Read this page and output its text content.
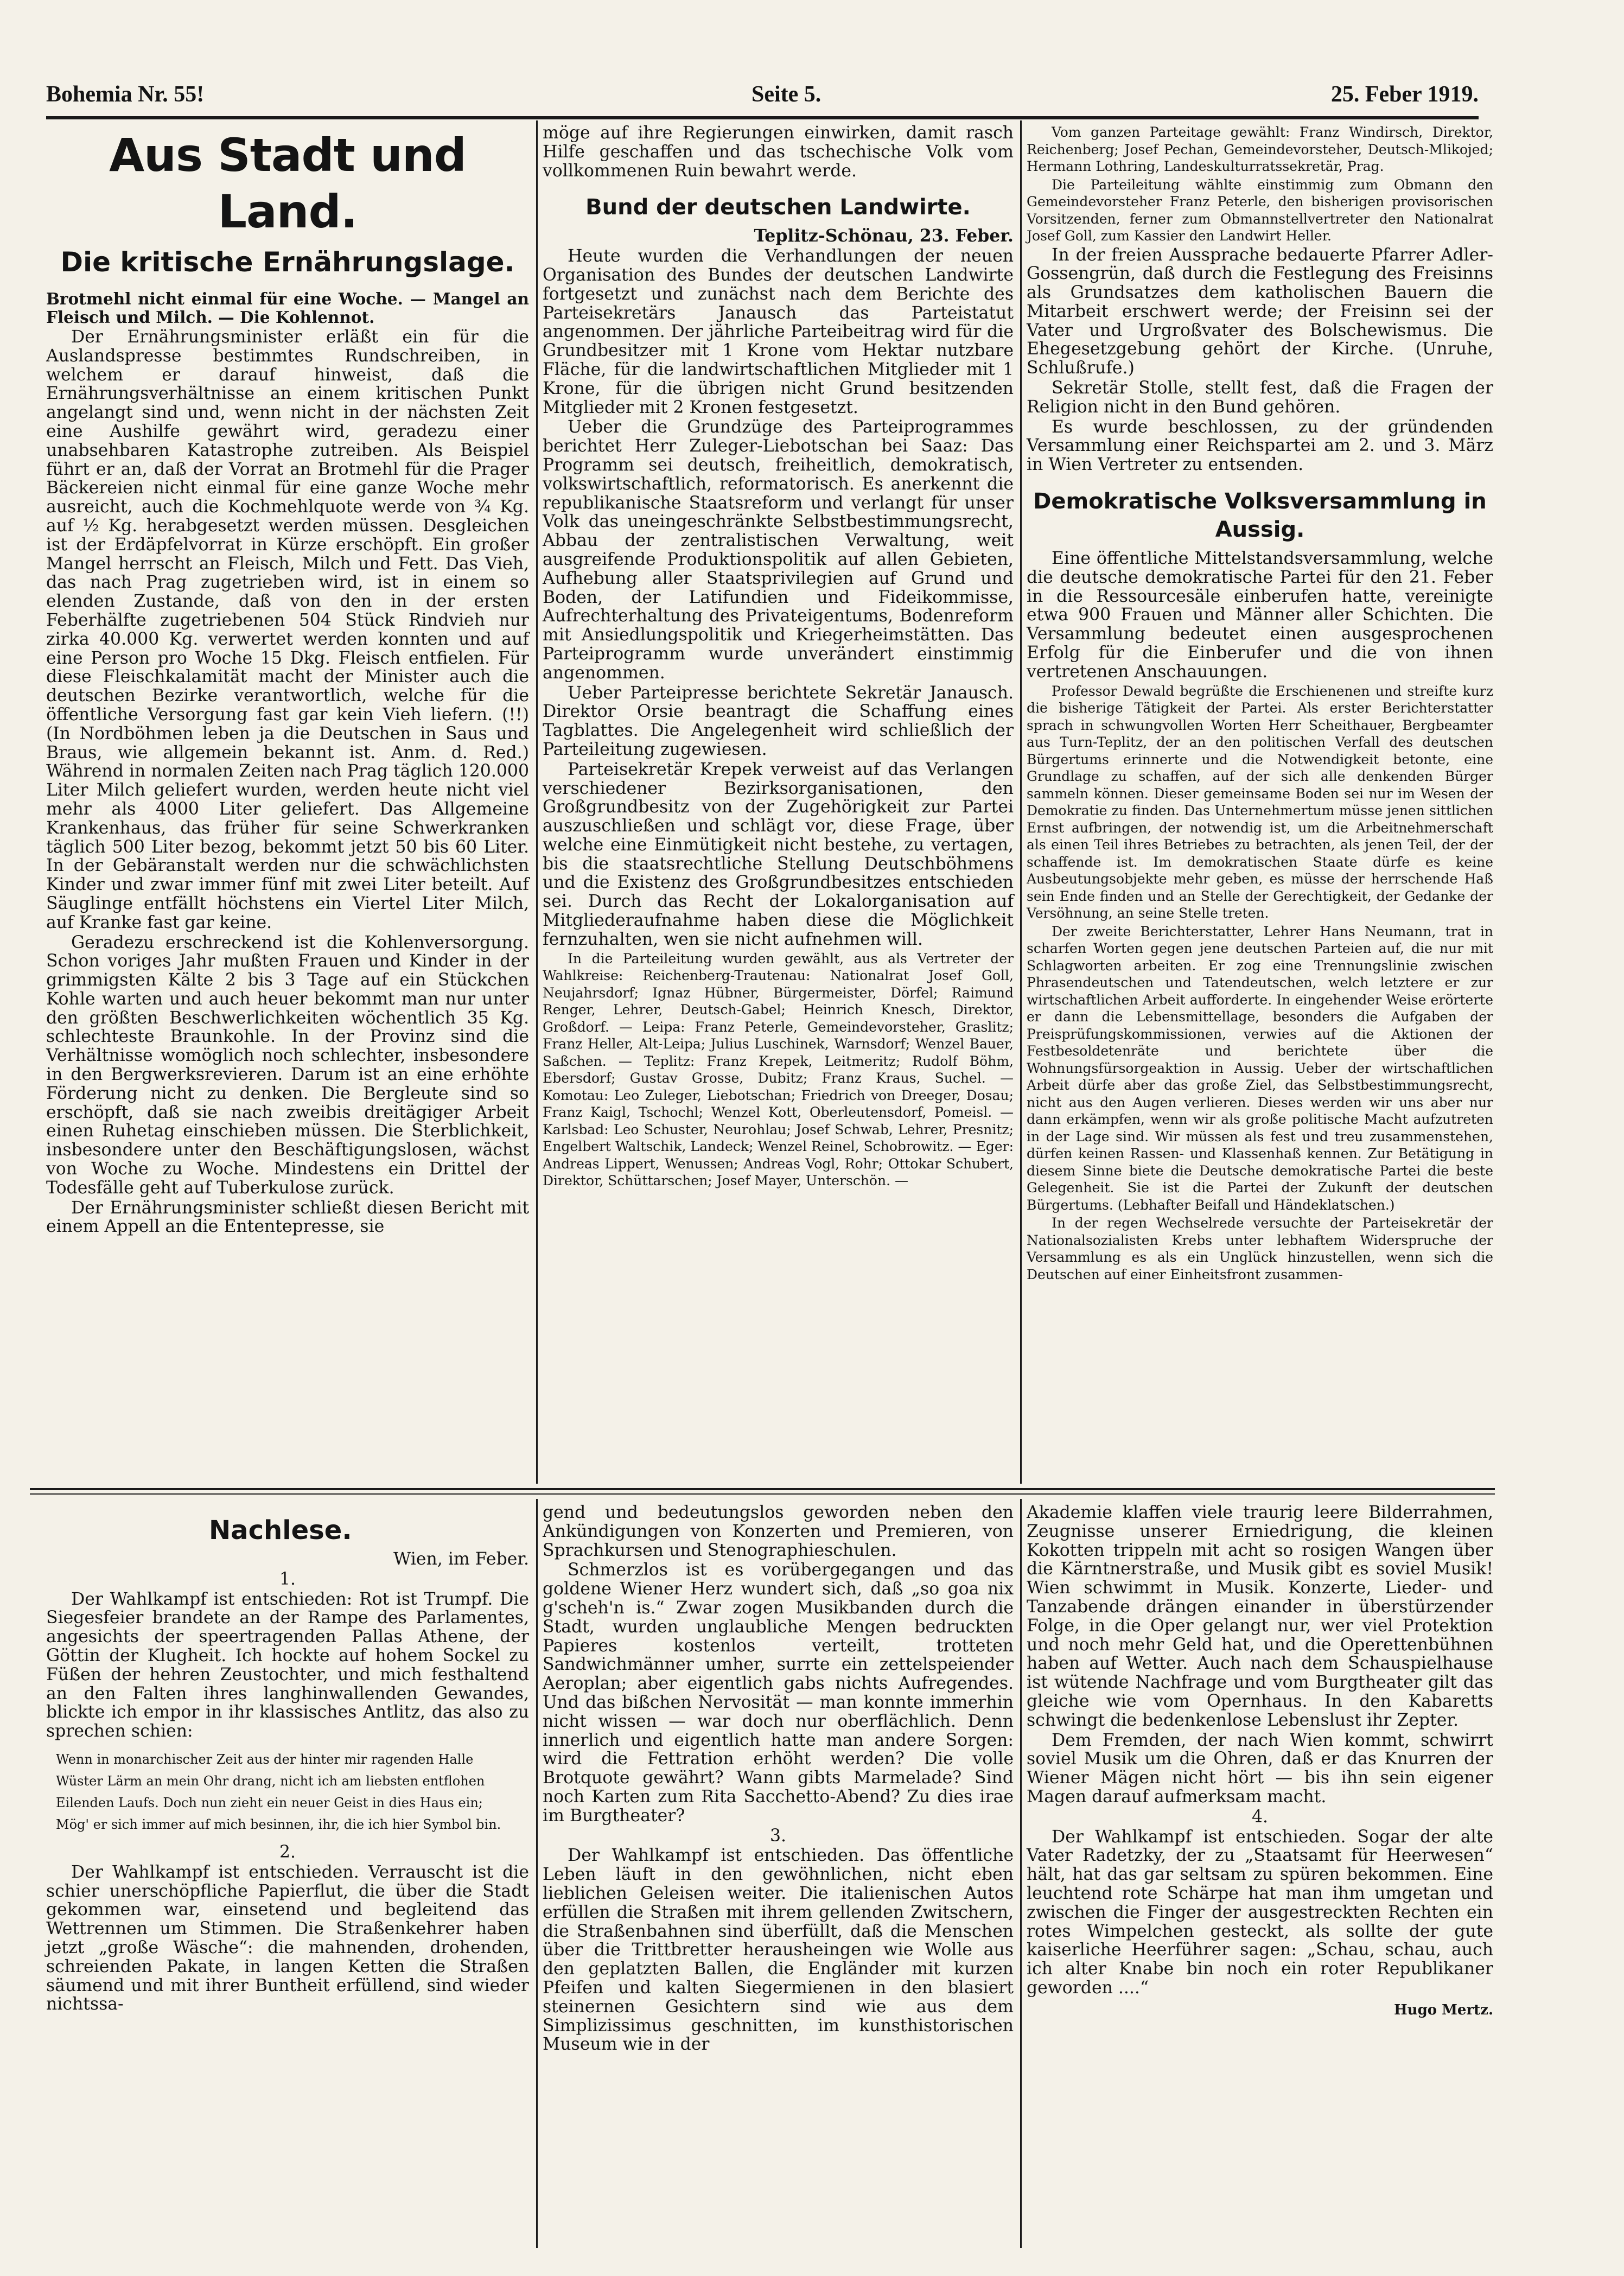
Bohemia Nr. 55!	Seite 5.	25. Feber 1919.
Aus Stadt und Land.
Die kritische Ernährungslage.

Brotmehl nicht einmal für eine Woche. — Mangel an Fleisch und Milch. — Die Kohlennot.

Der Ernährungsminister erläßt ein für die Auslandspresse bestimmtes Rundschreiben, in welchem er darauf hinweist, daß die Ernährungsverhältnisse an einem kritischen Punkt angelangt sind und, wenn nicht in der nächsten Zeit eine Aushilfe gewährt wird, geradezu einer unabsehbaren Katastrophe zutreiben. Als Beispiel führt er an, daß der Vorrat an Brotmehl für die Prager Bäckereien nicht einmal für eine ganze Woche mehr ausreicht, auch die Kochmehlquote werde von ¾ Kg. auf ½ Kg. herabgesetzt werden müssen. Desgleichen ist der Erdäpfelvorrat in Kürze erschöpft. Ein großer Mangel herrscht an Fleisch, Milch und Fett. Das Vieh, das nach Prag zugetrieben wird, ist in einem so elenden Zustande, daß von den in der ersten Feberhälfte zugetriebenen 504 Stück Rindvieh nur zirka 40.000 Kg. verwertet werden konnten und auf eine Person pro Woche 15 Dkg. Fleisch entfielen. Für diese Fleischkalamität macht der Minister auch die deutschen Bezirke verantwortlich, welche für die öffentliche Versorgung fast gar kein Vieh liefern. (!!) (In Nordböhmen leben ja die Deutschen in Saus und Braus, wie allgemein bekannt ist. Anm. d. Red.) Während in normalen Zeiten nach Prag täglich 120.000 Liter Milch geliefert wurden, werden heute nicht viel mehr als 4000 Liter geliefert. Das Allgemeine Krankenhaus, das früher für seine Schwerkranken täglich 500 Liter bezog, bekommt jetzt 50 bis 60 Liter. In der Gebäranstalt werden nur die schwächlichsten Kinder und zwar immer fünf mit zwei Liter beteilt. Auf Säuglinge entfällt höchstens ein Viertel Liter Milch, auf Kranke fast gar keine.

Geradezu erschreckend ist die Kohlenversorgung. Schon voriges Jahr mußten Frauen und Kinder in der grimmigsten Kälte 2 bis 3 Tage auf ein Stückchen Kohle warten und auch heuer bekommt man nur unter den größten Beschwerlichkeiten wöchentlich 35 Kg. schlechteste Braunkohle. In der Provinz sind die Verhältnisse womöglich noch schlechter, insbesondere in den Bergwerksrevieren. Darum ist an eine erhöhte Förderung nicht zu denken. Die Bergleute sind so erschöpft, daß sie nach zweibis dreitägiger Arbeit einen Ruhetag einschieben müssen. Die Sterblichkeit, insbesondere unter den Beschäftigungslosen, wächst von Woche zu Woche. Mindestens ein Drittel der Todesfälle geht auf Tuberkulose zurück.

Der Ernährungsminister schließt diesen Bericht mit einem Appell an die Ententepresse, sie

möge auf ihre Regierungen einwirken, damit rasch Hilfe geschaffen und das tschechische Volk vom vollkommenen Ruin bewahrt werde.

Bund der deutschen Landwirte.

Teplitz-Schönau, 23. Feber.

Heute wurden die Verhandlungen der neuen Organisation des Bundes der deutschen Landwirte fortgesetzt und zunächst nach dem Berichte des Parteisekretärs Janausch das Parteistatut angenommen. Der jährliche Parteibeitrag wird für die Grundbesitzer mit 1 Krone vom Hektar nutzbare Fläche, für die landwirtschaftlichen Mitglieder mit 1 Krone, für die übrigen nicht Grund besitzenden Mitglieder mit 2 Kronen festgesetzt.

Ueber die Grundzüge des Parteiprogrammes berichtet Herr Zuleger-Liebotschan bei Saaz: Das Programm sei deutsch, freiheitlich, demokratisch, volkswirtschaftlich, reformatorisch. Es anerkennt die republikanische Staatsreform und verlangt für unser Volk das uneingeschränkte Selbstbestimmungsrecht, Abbau der zentralistischen Verwaltung, weit ausgreifende Produktionspolitik auf allen Gebieten, Aufhebung aller Staatsprivilegien auf Grund und Boden, der Latifundien und Fideikommisse, Aufrechterhaltung des Privateigentums, Bodenreform mit Ansiedlungspolitik und Kriegerheimstätten. Das Parteiprogramm wurde unverändert einstimmig angenommen.

Ueber Parteipresse berichtete Sekretär Janausch. Direktor Orsie beantragt die Schaffung eines Tagblattes. Die Angelegenheit wird schließlich der Parteileitung zugewiesen.

Parteisekretär Krepek verweist auf das Verlangen verschiedener Bezirksorganisationen, den Großgrundbesitz von der Zugehörigkeit zur Partei auszuschließen und schlägt vor, diese Frage, über welche eine Einmütigkeit nicht bestehe, zu vertagen, bis die staatsrechtliche Stellung Deutschböhmens und die Existenz des Großgrundbesitzes entschieden sei. Durch das Recht der Lokalorganisation auf Mitgliederaufnahme haben diese die Möglichkeit fernzuhalten, wen sie nicht aufnehmen will.

In die Parteileitung wurden gewählt, aus als Vertreter der Wahlkreise: Reichenberg-Trautenau: Nationalrat Josef Goll, Neujahrsdorf; Ignaz Hübner, Bürgermeister, Dörfel; Raimund Renger, Lehrer, Deutsch-Gabel; Heinrich Knesch, Direktor, Großdorf. — Leipa: Franz Peterle, Gemeindevorsteher, Graslitz; Franz Heller, Alt-Leipa; Julius Luschinek, Warnsdorf; Wenzel Bauer, Saßchen. — Teplitz: Franz Krepek, Leitmeritz; Rudolf Böhm, Ebersdorf; Gustav Grosse, Dubitz; Franz Kraus, Suchel. — Komotau: Leo Zuleger, Liebotschan; Friedrich von Dreeger, Dosau; Franz Kaigl, Tschochl; Wenzel Kott, Oberleutensdorf, Pomeisl. — Karlsbad: Leo Schuster, Neurohlau; Josef Schwab, Lehrer, Presnitz; Engelbert Waltschik, Landeck; Wenzel Reinel, Schobrowitz. — Eger: Andreas Lippert, Wenussen; Andreas Vogl, Rohr; Ottokar Schubert, Direktor, Schüttarschen; Josef Mayer, Unterschön. —

Vom ganzen Parteitage gewählt: Franz Windirsch, Direktor, Reichenberg; Josef Pechan, Gemeindevorsteher, Deutsch-Mlikojed; Hermann Lothring, Landeskulturratssekretär, Prag.

Die Parteileitung wählte einstimmig zum Obmann den Gemeindevorsteher Franz Peterle, den bisherigen provisorischen Vorsitzenden, ferner zum Obmannstellvertreter den Nationalrat Josef Goll, zum Kassier den Landwirt Heller.

In der freien Aussprache bedauerte Pfarrer Adler-Gossengrün, daß durch die Festlegung des Freisinns als Grundsatzes dem katholischen Bauern die Mitarbeit erschwert werde; der Freisinn sei der Vater und Urgroßvater des Bolschewismus. Die Ehegesetzgebung gehört der Kirche. (Unruhe, Schlußrufe.)

Sekretär Stolle, stellt fest, daß die Fragen der Religion nicht in den Bund gehören.

Es wurde beschlossen, zu der gründenden Versammlung einer Reichspartei am 2. und 3. März in Wien Vertreter zu entsenden.

Demokratische Volksversammlung in Aussig.

Eine öffentliche Mittelstandsversammlung, welche die deutsche demokratische Partei für den 21. Feber in die Ressourcesäle einberufen hatte, vereinigte etwa 900 Frauen und Männer aller Schichten. Die Versammlung bedeutet einen ausgesprochenen Erfolg für die Einberufer und die von ihnen vertretenen Anschauungen.

Professor Dewald begrüßte die Erschienenen und streifte kurz die bisherige Tätigkeit der Partei. Als erster Berichterstatter sprach in schwungvollen Worten Herr Scheithauer, Bergbeamter aus Turn-Teplitz, der an den politischen Verfall des deutschen Bürgertums erinnerte und die Notwendigkeit betonte, eine Grundlage zu schaffen, auf der sich alle denkenden Bürger sammeln können. Dieser gemeinsame Boden sei nur im Wesen der Demokratie zu finden. Das Unternehmertum müsse jenen sittlichen Ernst aufbringen, der notwendig ist, um die Arbeitnehmerschaft als einen Teil ihres Betriebes zu betrachten, als jenen Teil, der der schaffende ist. Im demokratischen Staate dürfe es keine Ausbeutungsobjekte mehr geben, es müsse der herrschende Haß sein Ende finden und an Stelle der Gerechtigkeit, der Gedanke der Versöhnung, an seine Stelle treten.

Der zweite Berichterstatter, Lehrer Hans Neumann, trat in scharfen Worten gegen jene deutschen Parteien auf, die nur mit Schlagworten arbeiten. Er zog eine Trennungslinie zwischen Phrasendeutschen und Tatendeutschen, welch letztere er zur wirtschaftlichen Arbeit aufforderte. In eingehender Weise erörterte er dann die Lebensmittellage, besonders die Aufgaben der Preisprüfungskommissionen, verwies auf die Aktionen der Festbesoldetenräte und berichtete über die Wohnungsfürsorgeaktion in Aussig. Ueber der wirtschaftlichen Arbeit dürfe aber das große Ziel, das Selbstbestimmungsrecht, nicht aus den Augen verlieren. Dieses werden wir uns aber nur dann erkämpfen, wenn wir als große politische Macht aufzutreten in der Lage sind. Wir müssen als fest und treu zusammenstehen, dürfen keinen Rassen- und Klassenhaß kennen. Zur Betätigung in diesem Sinne biete die Deutsche demokratische Partei die beste Gelegenheit. Sie ist die Partei der Zukunft der deutschen Bürgertums. (Lebhafter Beifall und Händeklatschen.)

In der regen Wechselrede versuchte der Parteisekretär der Nationalsozialisten Krebs unter lebhaftem Widerspruche der Versammlung es als ein Unglück hinzustellen, wenn sich die Deutschen auf einer Einheitsfront zusammen-

Nachlese.

Wien, im Feber.

1.

Der Wahlkampf ist entschieden: Rot ist Trumpf. Die Siegesfeier brandete an der Rampe des Parlamentes, angesichts der speertragenden Pallas Athene, der Göttin der Klugheit. Ich hockte auf hohem Sockel zu Füßen der hehren Zeustochter, und mich festhaltend an den Falten ihres langhinwallenden Gewandes, blickte ich empor in ihr klassisches Antlitz, das also zu sprechen schien:

Wenn in monarchischer Zeit aus der hinter mir ragenden Halle
Wüster Lärm an mein Ohr drang, nicht ich am liebsten entflohen
Eilenden Laufs. Doch nun zieht ein neuer Geist in dies Haus ein;
Mög' er sich immer auf mich besinnen, ihr, die ich hier Symbol bin.

2.

Der Wahlkampf ist entschieden. Verrauscht ist die schier unerschöpfliche Papierflut, die über die Stadt gekommen war, einsetend und begleitend das Wettrennen um Stimmen. Die Straßenkehrer haben jetzt „große Wäsche“: die mahnenden, drohenden, schreienden Pakate, in langen Ketten die Straßen säumend und mit ihrer Buntheit erfüllend, sind wieder nichtssa-

gend und bedeutungslos geworden neben den Ankündigungen von Konzerten und Premieren, von Sprachkursen und Stenographieschulen.

Schmerzlos ist es vorübergegangen und das goldene Wiener Herz wundert sich, daß „so goa nix g'scheh'n is.“ Zwar zogen Musikbanden durch die Stadt, wurden unglaubliche Mengen bedruckten Papieres kostenlos verteilt, trotteten Sandwichmänner umher, surrte ein zettelspeiender Aeroplan; aber eigentlich gabs nichts Aufregendes. Und das bißchen Nervosität — man konnte immerhin nicht wissen — war doch nur oberflächlich. Denn innerlich und eigentlich hatte man andere Sorgen: wird die Fettration erhöht werden? Die volle Brotquote gewährt? Wann gibts Marmelade? Sind noch Karten zum Rita Sacchetto-Abend? Zu dies irae im Burgtheater?

3.

Der Wahlkampf ist entschieden. Das öffentliche Leben läuft in den gewöhnlichen, nicht eben lieblichen Geleisen weiter. Die italienischen Autos erfüllen die Straßen mit ihrem gellenden Zwitschern, die Straßenbahnen sind überfüllt, daß die Menschen über die Trittbretter herausheingen wie Wolle aus den geplatzten Ballen, die Engländer mit kurzen Pfeifen und kalten Siegermienen in den blasiert steinernen Gesichtern sind wie aus dem Simplizissimus geschnitten, im kunsthistorischen Museum wie in der

Akademie klaffen viele traurig leere Bilderrahmen, Zeugnisse unserer Erniedrigung, die kleinen Kokotten trippeln mit acht so rosigen Wangen über die Kärntnerstraße, und Musik gibt es soviel Musik! Wien schwimmt in Musik. Konzerte, Lieder- und Tanzabende drängen einander in überstürzender Folge, in die Oper gelangt nur, wer viel Protektion und noch mehr Geld hat, und die Operettenbühnen haben auf Wetter. Auch nach dem Schauspielhause ist wütende Nachfrage und vom Burgtheater gilt das gleiche wie vom Opernhaus. In den Kabaretts schwingt die bedenkenlose Lebenslust ihr Zepter.

Dem Fremden, der nach Wien kommt, schwirrt soviel Musik um die Ohren, daß er das Knurren der Wiener Mägen nicht hört — bis ihn sein eigener Magen darauf aufmerksam macht.

4.

Der Wahlkampf ist entschieden. Sogar der alte Vater Radetzky, der zu „Staatsamt für Heerwesen“ hält, hat das gar seltsam zu spüren bekommen. Eine leuchtend rote Schärpe hat man ihm umgetan und zwischen die Finger der ausgestreckten Rechten ein rotes Wimpelchen gesteckt, als sollte der gute kaiserliche Heerführer sagen: „Schau, schau, auch ich alter Knabe bin noch ein roter Republikaner geworden ....“

Hugo Mertz.
